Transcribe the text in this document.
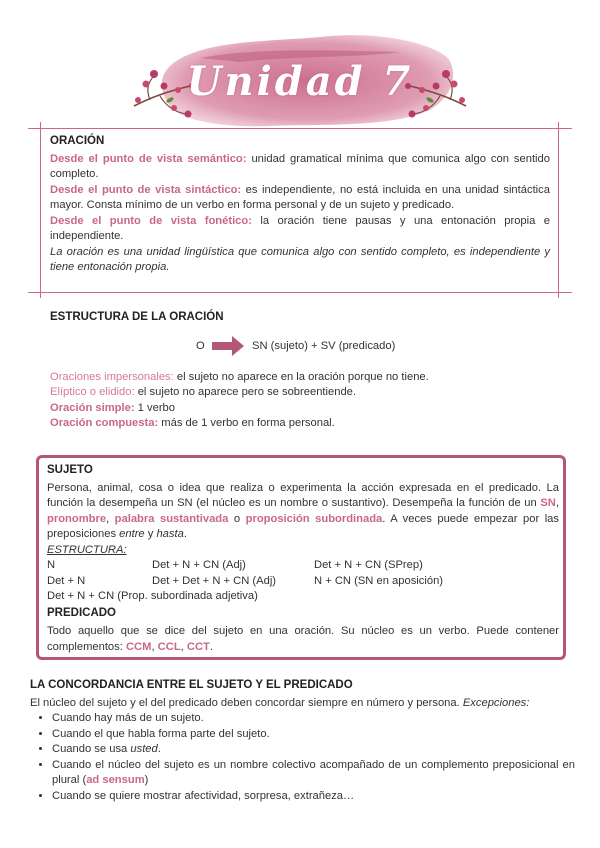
Unidad 7
ORACIÓN

Desde el punto de vista semántico: unidad gramatical mínima que comunica algo con sentido completo.

Desde el punto de vista sintáctico: es independiente, no está incluida en una unidad sintáctica mayor. Consta mínimo de un verbo en forma personal y de un sujeto y predicado.

Desde el punto de vista fonético: la oración tiene pausas y una entonación propia e independiente.

La oración es una unidad lingüística que comunica algo con sentido completo, es independiente y tiene entonación propia.

ESTRUCTURA DE LA ORACIÓN
O	SN (sujeto) + SV (predicado)

Oraciones impersonales: el sujeto no aparece en la oración porque no tiene.

Elíptico o elidido: el sujeto no aparece pero se sobreentiende.

Oración simple: 1 verbo

Oración compuesta: más de 1 verbo en forma personal.

SUJETO

Persona, animal, cosa o idea que realiza o experimenta la acción expresada en el predicado. La función la desempeña un SN (el núcleo es un nombre o sustantivo). Desempeña la función de un SN, pronombre, palabra sustantivada o proposición subordinada. A veces puede empezar por las preposiciones entre y hasta.

ESTRUCTURA:

N	Det + N + CN (Adj)	Det + N + CN (SPrep)
Det + N	Det + Det + N + CN (Adj)	N + CN (SN en aposición)

Det + N + CN (Prop. subordinada adjetiva)

PREDICADO

Todo aquello que se dice del sujeto en una oración. Su núcleo es un verbo. Puede contener complementos: CCM, CCL, CCT.

LA CONCORDANCIA ENTRE EL SUJETO Y EL PREDICADO

El núcleo del sujeto y el del predicado deben concordar siempre en número y persona. Excepciones:

• Cuando hay más de un sujeto.
• Cuando el que habla forma parte del sujeto.
• Cuando se usa usted.
• Cuando el núcleo del sujeto es un nombre colectivo acompañado de un complemento preposicional en plural (ad sensum)
• Cuando se quiere mostrar afectividad, sorpresa, extrañeza…
